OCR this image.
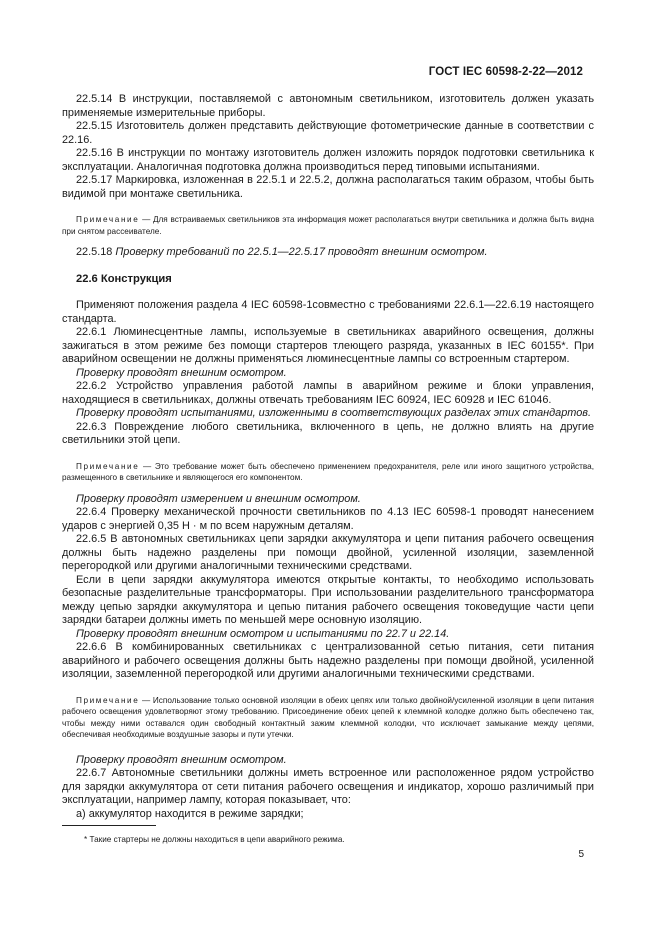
ГОСТ IEC 60598-2-22—2012

22.5.14 В инструкции, поставляемой с автономным светильником, изготовитель должен указать применяемые измерительные приборы.

22.5.15 Изготовитель должен представить действующие фотометрические данные в соответствии с 22.16.

22.5.16 В инструкции по монтажу изготовитель должен изложить порядок подготовки светильника к эксплуатации. Аналогичная подготовка должна производиться перед типовыми испытаниями.

22.5.17 Маркировка, изложенная в 22.5.1 и 22.5.2, должна располагаться таким образом, чтобы быть видимой при монтаже светильника.

Примечание — Для встраиваемых светильников эта информация может располагаться внутри светильника и должна быть видна при снятом рассеивателе.

22.5.18 Проверку требований по 22.5.1—22.5.17 проводят внешним осмотром.

22.6 Конструкция

Применяют положения раздела 4 IEC 60598-1совместно с требованиями 22.6.1—22.6.19 настоящего стандарта.

22.6.1 Люминесцентные лампы, используемые в светильниках аварийного освещения, должны зажигаться в этом режиме без помощи стартеров тлеющего разряда, указанных в IEC 60155*. При аварийном освещении не должны применяться люминесцентные лампы со встроенным стартером.

Проверку проводят внешним осмотром.

22.6.2 Устройство управления работой лампы в аварийном режиме и блоки управления, находящиеся в светильниках, должны отвечать требованиям IEC 60924, IEC 60928 и IEC 61046.

Проверку проводят испытаниями, изложенными в соответствующих разделах этих стандартов.

22.6.3 Повреждение любого светильника, включенного в цепь, не должно влиять на другие светильники этой цепи.

Примечание — Это требование может быть обеспечено применением предохранителя, реле или иного защитного устройства, размещенного в светильнике и являющегося его компонентом.

Проверку проводят измерением и внешним осмотром.

22.6.4 Проверку механической прочности светильников по 4.13 IEC 60598-1 проводят нанесением ударов с энергией 0,35 Н · м по всем наружным деталям.

22.6.5 В автономных светильниках цепи зарядки аккумулятора и цепи питания рабочего освещения должны быть надежно разделены при помощи двойной, усиленной изоляции, заземленной перегородкой или другими аналогичными техническими средствами.

Если в цепи зарядки аккумулятора имеются открытые контакты, то необходимо использовать безопасные разделительные трансформаторы. При использовании разделительного трансформатора между цепью зарядки аккумулятора и цепью питания рабочего освещения токоведущие части цепи зарядки батареи должны иметь по меньшей мере основную изоляцию.

Проверку проводят внешним осмотром и испытаниями по 22.7 и 22.14.

22.6.6 В комбинированных светильниках с централизованной сетью питания, сети питания аварийного и рабочего освещения должны быть надежно разделены при помощи двойной, усиленной изоляции, заземленной перегородкой или другими аналогичными техническими средствами.

Примечание — Использование только основной изоляции в обеих цепях или только двойной/усиленной изоляции в цепи питания рабочего освещения удовлетворяют этому требованию. Присоединение обеих цепей к клеммной колодке должно быть обеспечено так, чтобы между ними оставался один свободный контактный зажим клеммной колодки, что исключает замыкание между цепями, обеспечивая необходимые воздушные зазоры и пути утечки.

Проверку проводят внешним осмотром.

22.6.7 Автономные светильники должны иметь встроенное или расположенное рядом устройство для зарядки аккумулятора от сети питания рабочего освещения и индикатор, хорошо различимый при эксплуатации, например лампу, которая показывает, что:

а) аккумулятор находится в режиме зарядки;

* Такие стартеры не должны находиться в цепи аварийного режима.

5
